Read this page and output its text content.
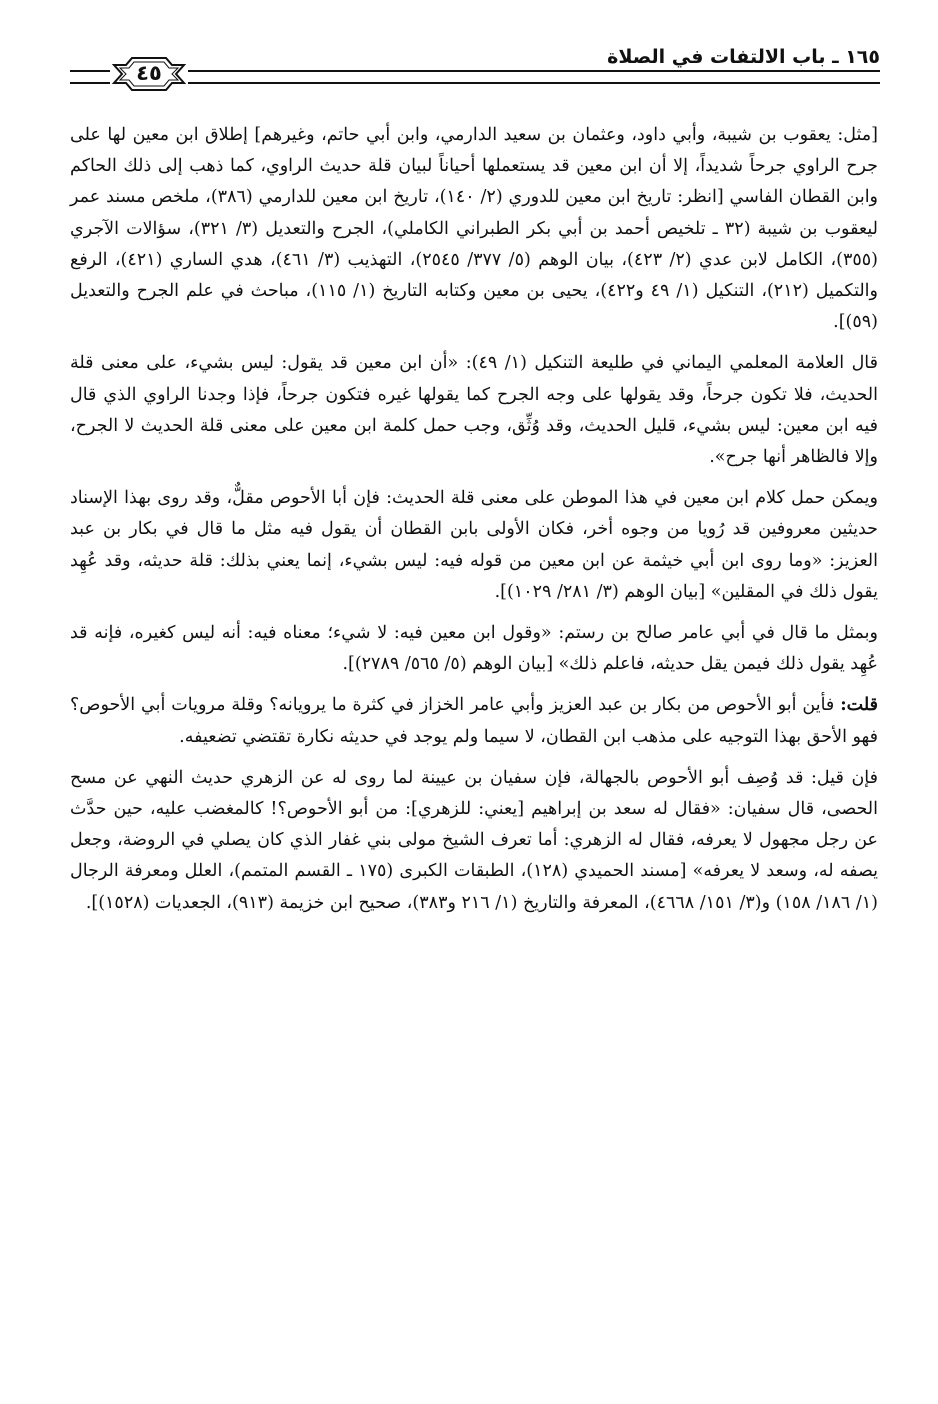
١٦٥ ـ باب الالتفات في الصلاة
٤٥

[مثل: يعقوب بن شيبة، وأبي داود، وعثمان بن سعيد الدارمي، وابن أبي حاتم، وغيرهم] إطلاق ابن معين لها على جرح الراوي جرحاً شديداً، إلا أن ابن معين قد يستعملها أحياناً لبيان قلة حديث الراوي، كما ذهب إلى ذلك الحاكم وابن القطان الفاسي [انظر: تاريخ ابن معين للدوري (٢/ ١٤٠)، تاريخ ابن معين للدارمي (٣٨٦)، ملخص مسند عمر ليعقوب بن شيبة (٣٢ ـ تلخيص أحمد بن أبي بكر الطبراني الكاملي)، الجرح والتعديل (٣/ ٣٢١)، سؤالات الآجري (٣٥٥)، الكامل لابن عدي (٢/ ٤٢٣)، بيان الوهم (٥/ ٣٧٧/ ٢٥٤٥)، التهذيب (٣/ ٤٦١)، هدي الساري (٤٢١)، الرفع والتكميل (٢١٢)، التنكيل (١/ ٤٩ و٤٢٢)، يحيى بن معين وكتابه التاريخ (١/ ١١٥)، مباحث في علم الجرح والتعديل (٥٩)].

قال العلامة المعلمي اليماني في طليعة التنكيل (١/ ٤٩): «أن ابن معين قد يقول: ليس بشيء، على معنى قلة الحديث، فلا تكون جرحاً، وقد يقولها على وجه الجرح كما يقولها غيره فتكون جرحاً، فإذا وجدنا الراوي الذي قال فيه ابن معين: ليس بشيء، قليل الحديث، وقد وُثِّق، وجب حمل كلمة ابن معين على معنى قلة الحديث لا الجرح، وإلا فالظاهر أنها جرح».

ويمكن حمل كلام ابن معين في هذا الموطن على معنى قلة الحديث: فإن أبا الأحوص مقلٌّ، وقد روى بهذا الإسناد حديثين معروفين قد رُويا من وجوه أخر، فكان الأولى بابن القطان أن يقول فيه مثل ما قال في بكار بن عبد العزيز: «وما روى ابن أبي خيثمة عن ابن معين من قوله فيه: ليس بشيء، إنما يعني بذلك: قلة حديثه، وقد عُهِد يقول ذلك في المقلين» [بيان الوهم (٣/ ٢٨١/ ١٠٢٩)].

وبمثل ما قال في أبي عامر صالح بن رستم: «وقول ابن معين فيه: لا شيء؛ معناه فيه: أنه ليس كغيره، فإنه قد عُهِد يقول ذلك فيمن يقل حديثه، فاعلم ذلك» [بيان الوهم (٥/ ٥٦٥/ ٢٧٨٩)].

قلت: فأين أبو الأحوص من بكار بن عبد العزيز وأبي عامر الخزاز في كثرة ما يرويانه؟ وقلة مرويات أبي الأحوص؟ فهو الأحق بهذا التوجيه على مذهب ابن القطان، لا سيما ولم يوجد في حديثه نكارة تقتضي تضعيفه.

فإن قيل: قد وُصِف أبو الأحوص بالجهالة، فإن سفيان بن عيينة لما روى له عن الزهري حديث النهي عن مسح الحصى، قال سفيان: «فقال له سعد بن إبراهيم [يعني: للزهري]: من أبو الأحوص؟! كالمغضب عليه، حين حدَّث عن رجل مجهول لا يعرفه، فقال له الزهري: أما تعرف الشيخ مولى بني غفار الذي كان يصلي في الروضة، وجعل يصفه له، وسعد لا يعرفه» [مسند الحميدي (١٢٨)، الطبقات الكبرى (١٧٥ ـ القسم المتمم)، العلل ومعرفة الرجال (١/ ١٨٦/ ١٥٨) و(٣/ ١٥١/ ٤٦٦٨)، المعرفة والتاريخ (١/ ٢١٦ و٣٨٣)، صحيح ابن خزيمة (٩١٣)، الجعديات (١٥٢٨)].
